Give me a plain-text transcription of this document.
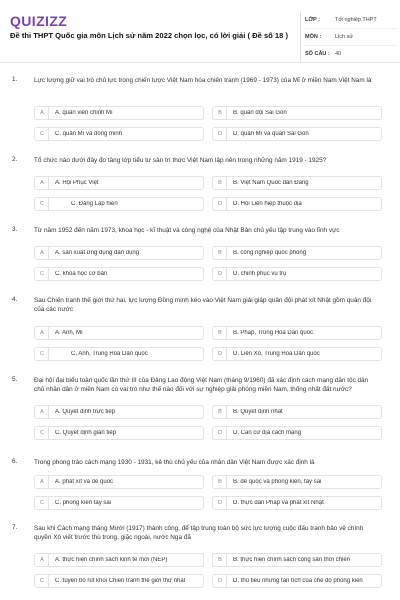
QUIZIZZ
Đề thi THPT Quốc gia môn Lịch sử năm 2022 chọn lọc, có lời giải ( Đề số 18 )
LỚP :	Tốt nghiệp THPT
MÔN :	Lịch sử
SỐ CÂU : 40
1.	Lực lượng giữ vai trò chủ lực trong chiến lược Việt Nam hóa chiến tranh (1969 - 1973) của Mĩ ở miền Nam Việt Nam là
A	A. quân viễn chinh Mĩ	B	B. quân đội Sài Gòn
C	C. quân Mĩ và đồng minh	D	D. quân Mĩ và quân Sài Gòn
2.	Tổ chức nào dưới đây đo tầng lớp tiểu tư sản trí thức Việt Nam lập nên trong những năm 1919 - 1925?
A	A. Hội Phục Việt	B	B. Việt Nam Quốc dân Đảng
C	C. Đảng Lập hiến	D	D. Hội Liên hiệp thuộc địa
3.	Từ năm 1952 đến năm 1973, khoa học - kĩ thuật và công nghệ của Nhật Bản chủ yếu tập trung vào lĩnh vực
A	A. sản xuất ứng dụng dân dụng	B	B. công nghiệp quốc phòng
C	C. khoa học cơ bản	D	D. chinh phục vũ trụ
4.	Sau Chiến tranh thế giới thứ hai, lực lượng Đồng minh kéo vào Việt Nam giải giáp quân đội phát xít Nhật gồm quân đội của các nước
A	A. Anh, Mĩ	B	B. Pháp, Trung Hoa Dân quốc
C	C. Anh, Trung Hoa Dân quốc	D	D. Liên Xô, Trung Hoa Dân quốc
5.	Đại hội đại biểu toàn quốc lần thứ III của Đảng Lao động Việt Nam (tháng 9/1960) đã xác định cách mạng dân tộc dân chủ nhân dân ở miền Nam có vai trò như thế nào đối với sự nghiệp giải phóng miền Nam, thống nhất đất nước?
A	A. Quyết định trực tiếp	B	B. Quyết định nhất
C	C. Quyết định gián tiếp	D	D. Căn cứ địa cách mạng
6.	Trong phong trào cách mạng 1930 - 1931, kẻ thù chủ yếu của nhân dân Việt Nam được xác định là
A	A. phát xít và đế quốc	B	B. đế quốc và phong kiến, tay sai
C	C. phong kiến tay sai	D	D. thực dân Pháp và phát xít Nhật
7.	Sau khi Cách mạng tháng Mười (1917) thành công, để tập trung toàn bộ sức lực lượng cuộc đấu tranh bảo vệ chính quyền Xô viết trước thù trong, giặc ngoài, nước Nga đã
A	A. thực hiện chính sách kinh tế mới (NEP)	B	B. thực hiện chính sách cộng sản thời chiến
C	C. tuyên bố rút khỏi Chiến tranh thế giới thứ nhất	D	D. thủ tiêu những tàn tích của chế độ phong kiến
